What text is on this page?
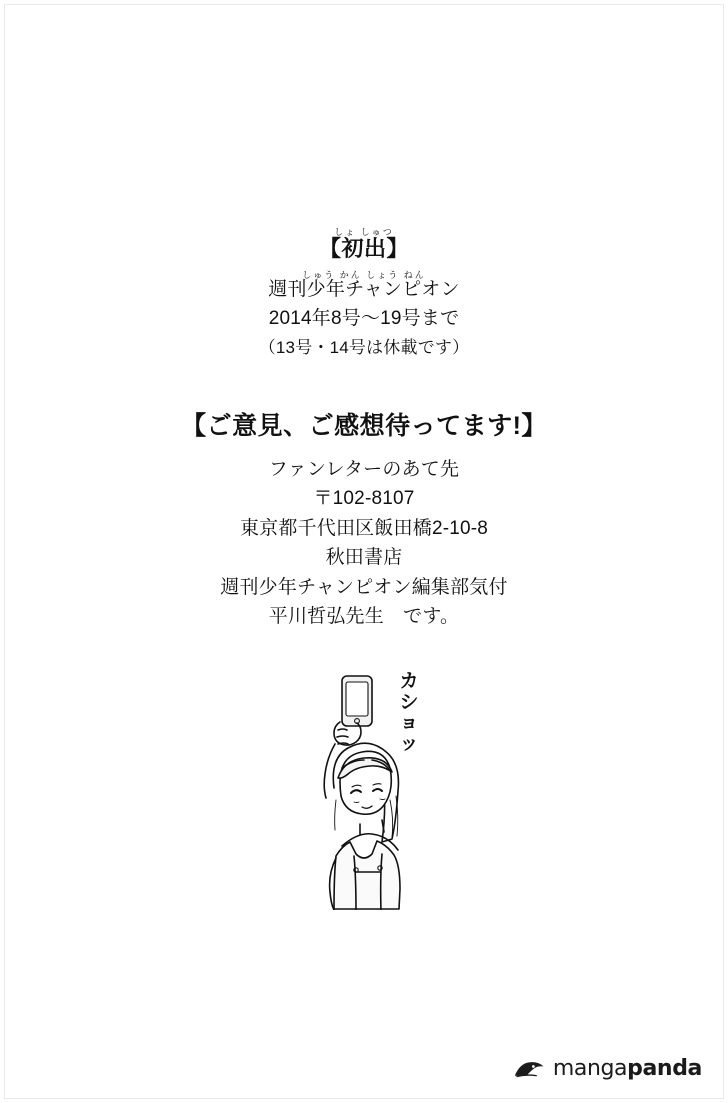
しょ しゅつ
【初出】
しゅう かん しょう ねん
週刊少年チャンピオン
2014年8号〜19号まで
（13号・14号は休載です）
【ご意見、ご感想待ってます!】
ファンレターのあて先
〒102-8107
東京都千代田区飯田橋2-10-8
秋田書店
週刊少年チャンピオン編集部気付
平川哲弘先生　です。
カショッ
mangapanda
